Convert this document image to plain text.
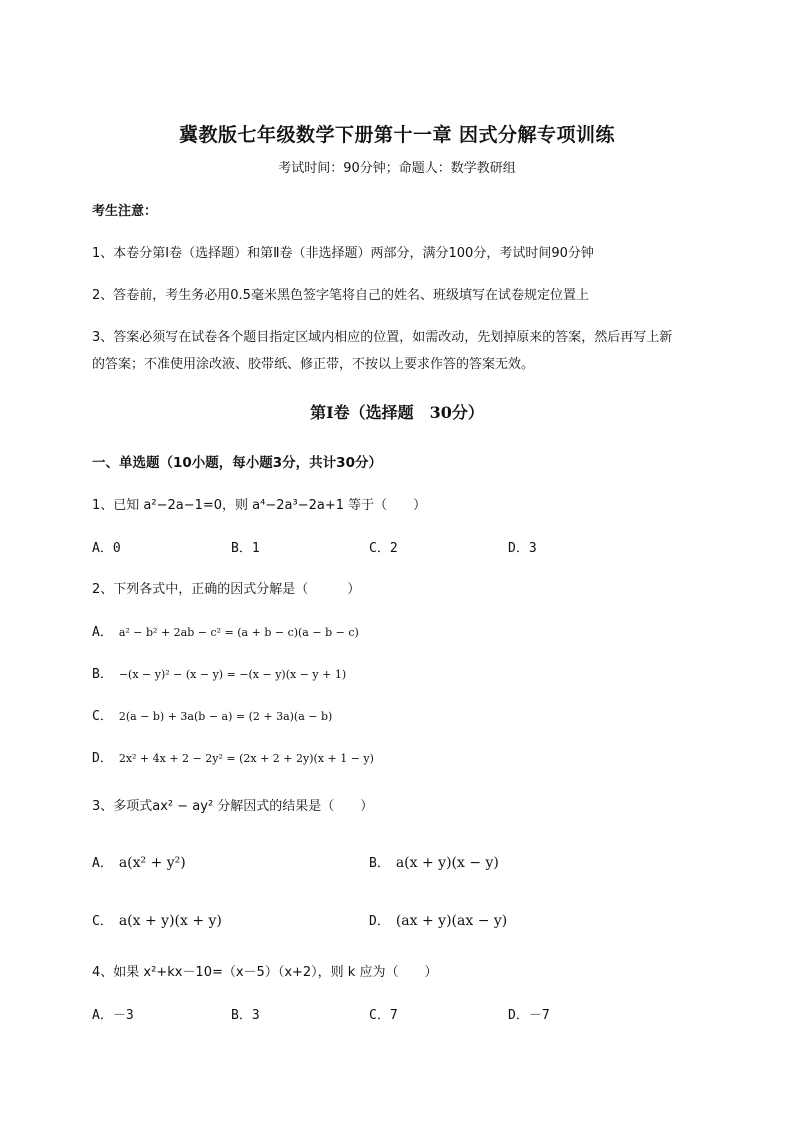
冀教版七年级数学下册第十一章 因式分解专项训练
考试时间：90分钟；命题人：数学教研组
考生注意：
1、本卷分第I卷（选择题）和第Ⅱ卷（非选择题）两部分，满分100分，考试时间90分钟
2、答卷前，考生务必用0.5毫米黑色签字笔将自己的姓名、班级填写在试卷规定位置上
3、答案必须写在试卷各个题目指定区域内相应的位置，如需改动，先划掉原来的答案，然后再写上新
的答案；不准使用涂改液、胶带纸、修正带，不按以上要求作答的答案无效。
第I卷（选择题　30分）
一、单选题（10小题，每小题3分，共计30分）
1、已知 a²−2a−1=0，则 a⁴−2a³−2a+1 等于（　　）
A．0	B．1	C．2	D．3
2、下列各式中，正确的因式分解是（　　　）
A． a² − b² + 2ab − c² = (a + b − c)(a − b − c)
B． −(x − y)² − (x − y) = −(x − y)(x − y + 1)
C． 2(a − b) + 3a(b − a) = (2 + 3a)(a − b)
D． 2x² + 4x + 2 − 2y² = (2x + 2 + 2y)(x + 1 − y)
3、多项式ax² − ay² 分解因式的结果是（　　）
A． a(x² + y²)	B． a(x + y)(x − y)
C． a(x + y)(x + y)	D． (ax + y)(ax − y)
4、如果 x²+kx－10=（x－5）（x+2），则 k 应为（　　）
A．－3	B．3	C．7	D．－7
